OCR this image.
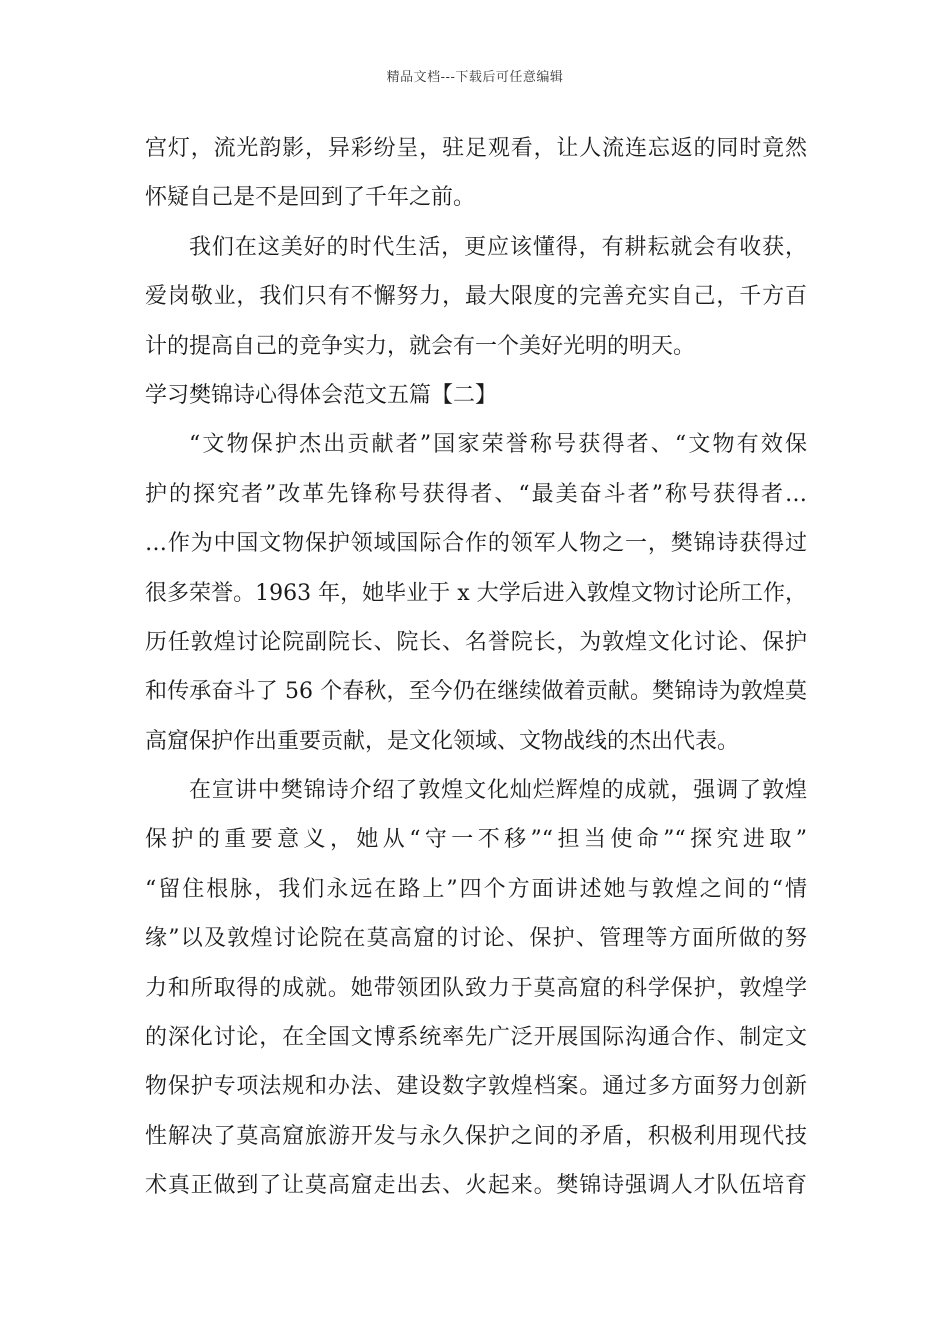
精品文档---下载后可任意编辑
宫灯，流光韵影，异彩纷呈，驻足观看，让人流连忘返的同时竟然
怀疑自己是不是回到了千年之前。
我们在这美好的时代生活，更应该懂得，有耕耘就会有收获，
爱岗敬业，我们只有不懈努力，最大限度的完善充实自己，千方百
计的提高自己的竞争实力，就会有一个美好光明的明天。
学习樊锦诗心得体会范文五篇【二】
“文物保护杰出贡献者”国家荣誉称号获得者、“文物有效保
护的探究者”改革先锋称号获得者、“最美奋斗者”称号获得者…
…作为中国文物保护领域国际合作的领军人物之一，樊锦诗获得过
很多荣誉。1963 年，她毕业于 x 大学后进入敦煌文物讨论所工作，
历任敦煌讨论院副院长、院长、名誉院长，为敦煌文化讨论、保护
和传承奋斗了 56 个春秋，至今仍在继续做着贡献。樊锦诗为敦煌莫
高窟保护作出重要贡献，是文化领域、文物战线的杰出代表。
在宣讲中樊锦诗介绍了敦煌文化灿烂辉煌的成就，强调了敦煌
保护的重要意义，她从“守一不移”“担当使命”“探究进取”
“留住根脉，我们永远在路上”四个方面讲述她与敦煌之间的“情
缘”以及敦煌讨论院在莫高窟的讨论、保护、管理等方面所做的努
力和所取得的成就。她带领团队致力于莫高窟的科学保护，敦煌学
的深化讨论，在全国文博系统率先广泛开展国际沟通合作、制定文
物保护专项法规和办法、建设数字敦煌档案。通过多方面努力创新
性解决了莫高窟旅游开发与永久保护之间的矛盾，积极利用现代技
术真正做到了让莫高窟走出去、火起来。樊锦诗强调人才队伍培育
